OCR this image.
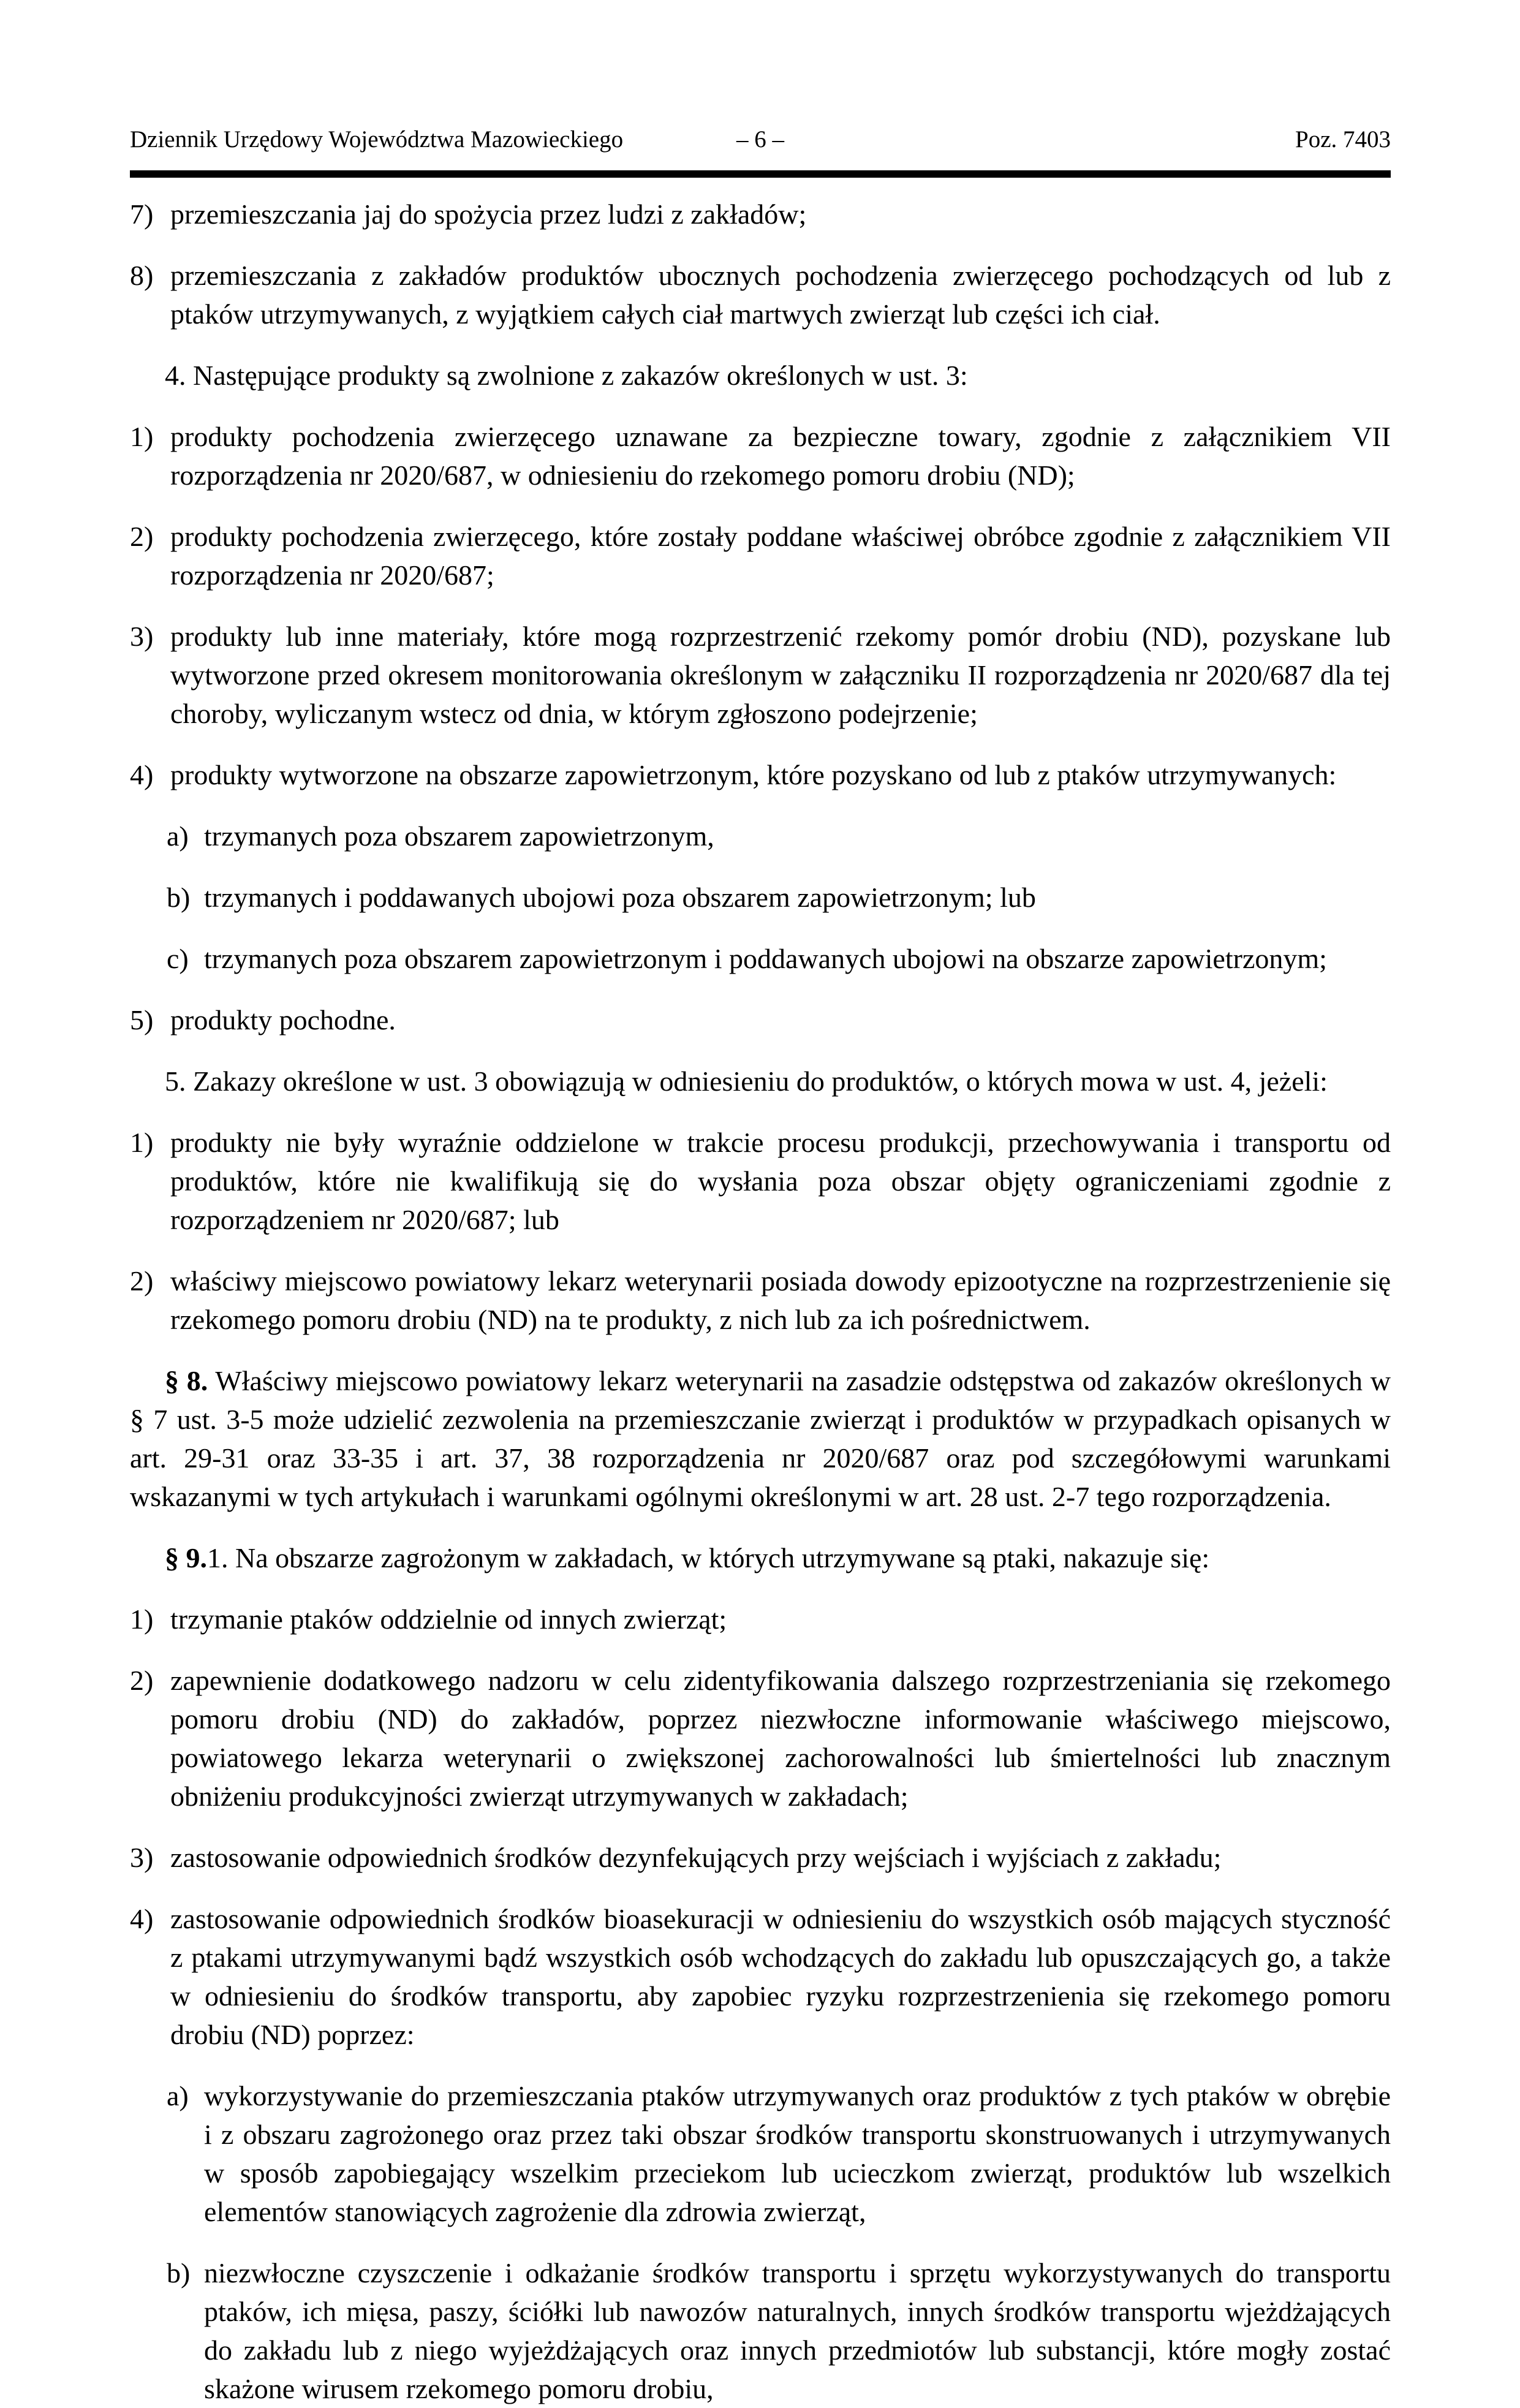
Dziennik Urzędowy Województwa Mazowieckiego	– 6 –	Poz. 7403
7) przemieszczania jaj do spożycia przez ludzi z zakładów;
8) przemieszczania z zakładów produktów ubocznych pochodzenia zwierzęcego pochodzących od lub z ptaków utrzymywanych, z wyjątkiem całych ciał martwych zwierząt lub części ich ciał.
4. Następujące produkty są zwolnione z zakazów określonych w ust. 3:
1) produkty pochodzenia zwierzęcego uznawane za bezpieczne towary, zgodnie z załącznikiem VII rozporządzenia nr 2020/687, w odniesieniu do rzekomego pomoru drobiu (ND);
2) produkty pochodzenia zwierzęcego, które zostały poddane właściwej obróbce zgodnie z załącznikiem VII rozporządzenia nr 2020/687;
3) produkty lub inne materiały, które mogą rozprzestrzenić rzekomy pomór drobiu (ND), pozyskane lub wytworzone przed okresem monitorowania określonym w załączniku II rozporządzenia nr 2020/687 dla tej choroby, wyliczanym wstecz od dnia, w którym zgłoszono podejrzenie;
4) produkty wytworzone na obszarze zapowietrzonym, które pozyskano od lub z ptaków utrzymywanych:
a) trzymanych poza obszarem zapowietrzonym,
b) trzymanych i poddawanych ubojowi poza obszarem zapowietrzonym; lub
c) trzymanych poza obszarem zapowietrzonym i poddawanych ubojowi na obszarze zapowietrzonym;
5) produkty pochodne.
5. Zakazy określone w ust. 3 obowiązują w odniesieniu do produktów, o których mowa w ust. 4, jeżeli:
1) produkty nie były wyraźnie oddzielone w trakcie procesu produkcji, przechowywania i transportu od produktów, które nie kwalifikują się do wysłania poza obszar objęty ograniczeniami zgodnie z rozporządzeniem nr 2020/687; lub
2) właściwy miejscowo powiatowy lekarz weterynarii posiada dowody epizootyczne na rozprzestrzenienie się rzekomego pomoru drobiu (ND) na te produkty, z nich lub za ich pośrednictwem.
§ 8. Właściwy miejscowo powiatowy lekarz weterynarii na zasadzie odstępstwa od zakazów określonych w § 7 ust. 3-5 może udzielić zezwolenia na przemieszczanie zwierząt i produktów w przypadkach opisanych w art. 29-31 oraz 33-35 i art. 37, 38 rozporządzenia nr 2020/687 oraz pod szczegółowymi warunkami wskazanymi w tych artykułach i warunkami ogólnymi określonymi w art. 28 ust. 2-7 tego rozporządzenia.
§ 9.1. Na obszarze zagrożonym w zakładach, w których utrzymywane są ptaki, nakazuje się:
1) trzymanie ptaków oddzielnie od innych zwierząt;
2) zapewnienie dodatkowego nadzoru w celu zidentyfikowania dalszego rozprzestrzeniania się rzekomego pomoru drobiu (ND) do zakładów, poprzez niezwłoczne informowanie właściwego miejscowo, powiatowego lekarza weterynarii o zwiększonej zachorowalności lub śmiertelności lub znacznym obniżeniu produkcyjności zwierząt utrzymywanych w zakładach;
3) zastosowanie odpowiednich środków dezynfekujących przy wejściach i wyjściach z zakładu;
4) zastosowanie odpowiednich środków bioasekuracji w odniesieniu do wszystkich osób mających styczność z ptakami utrzymywanymi bądź wszystkich osób wchodzących do zakładu lub opuszczających go, a także w odniesieniu do środków transportu, aby zapobiec ryzyku rozprzestrzenienia się rzekomego pomoru drobiu (ND) poprzez:
a) wykorzystywanie do przemieszczania ptaków utrzymywanych oraz produktów z tych ptaków w obrębie i z obszaru zagrożonego oraz przez taki obszar środków transportu skonstruowanych i utrzymywanych w sposób zapobiegający wszelkim przeciekom lub ucieczkom zwierząt, produktów lub wszelkich elementów stanowiących zagrożenie dla zdrowia zwierząt,
b) niezwłoczne czyszczenie i odkażanie środków transportu i sprzętu wykorzystywanych do transportu ptaków, ich mięsa, paszy, ściółki lub nawozów naturalnych, innych środków transportu wjeżdżających do zakładu lub z niego wyjeżdżających oraz innych przedmiotów lub substancji, które mogły zostać skażone wirusem rzekomego pomoru drobiu,
